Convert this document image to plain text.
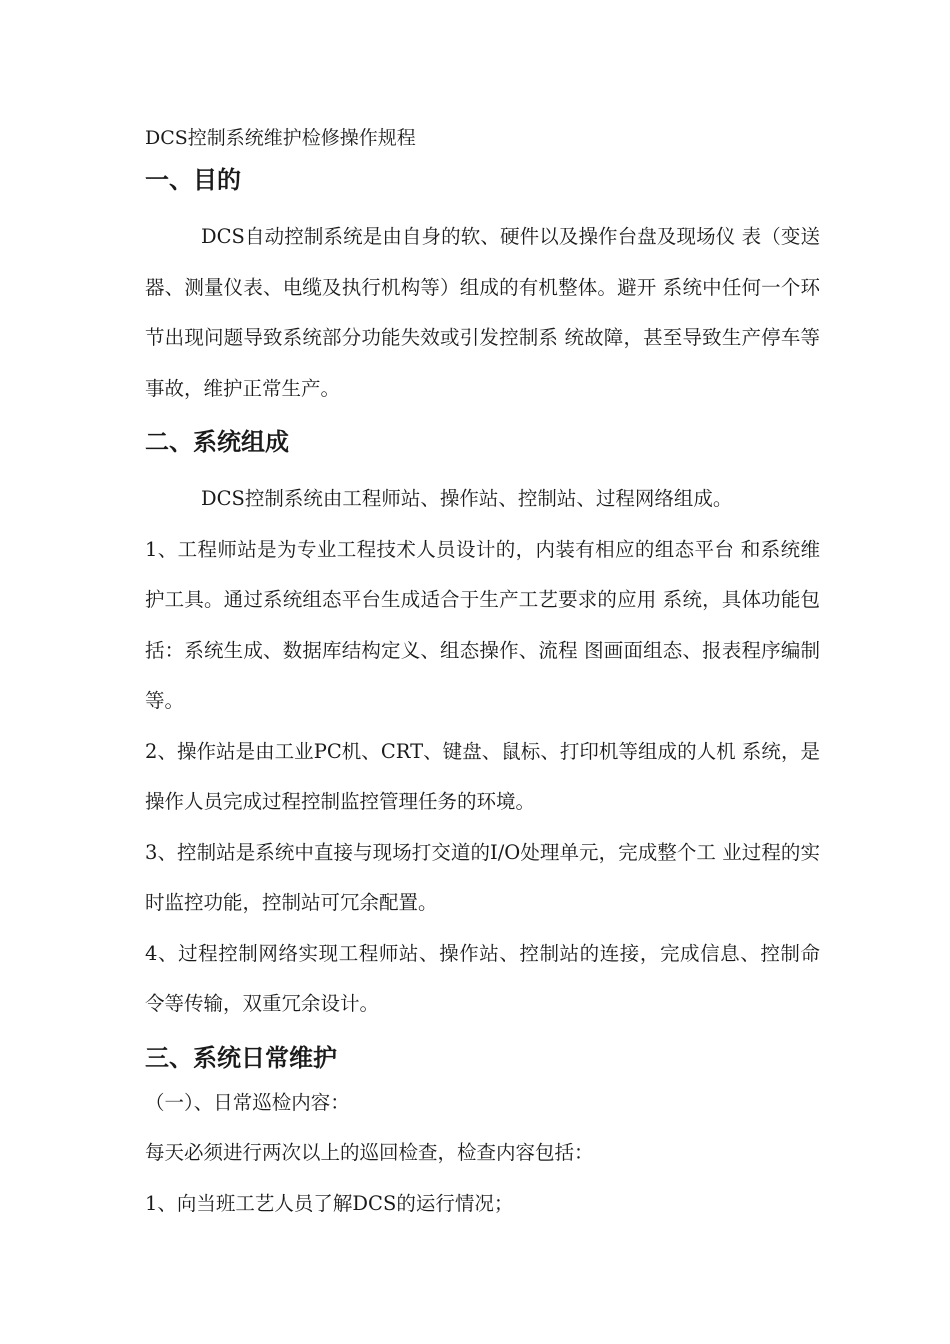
DCS控制系统维护检修操作规程

一、目的

DCS自动控制系统是由自身的软、硬件以及操作台盘及现场仪 表（变送器、测量仪表、电缆及执行机构等）组成的有机整体。避开 系统中任何一个环节出现问题导致系统部分功能失效或引发控制系 统故障，甚至导致生产停车等事故，维护正常生产。

二、系统组成

DCS控制系统由工程师站、操作站、控制站、过程网络组成。

1、工程师站是为专业工程技术人员设计的，内装有相应的组态平台 和系统维护工具。通过系统组态平台生成适合于生产工艺要求的应用 系统，具体功能包括：系统生成、数据库结构定义、组态操作、流程 图画面组态、报表程序编制等。

2、操作站是由工业PC机、CRT、键盘、鼠标、打印机等组成的人机 系统，是操作人员完成过程控制监控管理任务的环境。

3、控制站是系统中直接与现场打交道的I/O处理单元，完成整个工 业过程的实时监控功能，控制站可冗余配置。

4、过程控制网络实现工程师站、操作站、控制站的连接，完成信息、控制命令等传输，双重冗余设计。

三、系统日常维护

（一）、日常巡检内容：

每天必须进行两次以上的巡回检查，检查内容包括：

1、向当班工艺人员了解DCS的运行情况；
